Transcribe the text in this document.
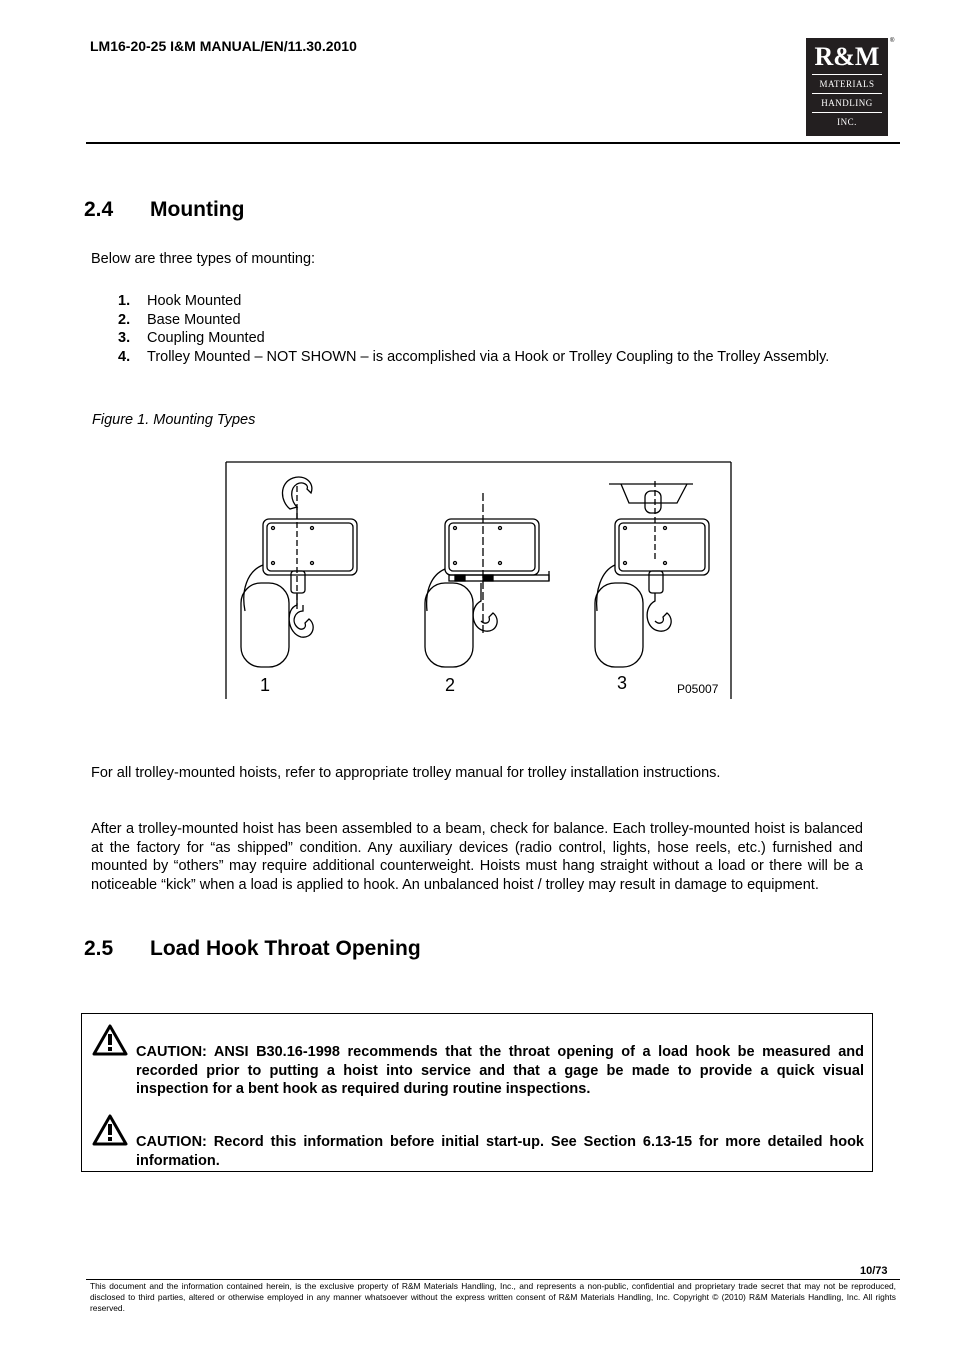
LM16-20-25 I&M MANUAL/EN/11.30.2010	R&M
MATERIALS
HANDLING
INC.
®
2.4 Mounting
Below are three types of mounting:
1. Hook Mounted
2. Base Mounted
3. Coupling Mounted
4. Trolley Mounted – NOT SHOWN – is accomplished via a Hook or Trolley Coupling to the Trolley Assembly.
Figure 1. Mounting Types
1	2	3	P05007
For all trolley-mounted hoists, refer to appropriate trolley manual for trolley installation instructions.
After a trolley-mounted hoist has been assembled to a beam, check for balance. Each trolley-mounted hoist is balanced at the factory for “as shipped” condition. Any auxiliary devices (radio control, lights, hose reels, etc.) furnished and mounted by “others” may require additional counterweight. Hoists must hang straight without a load or there will be a noticeable “kick” when a load is applied to hook. An unbalanced hoist / trolley may result in damage to equipment.
2.5 Load Hook Throat Opening
CAUTION: ANSI B30.16-1998 recommends that the throat opening of a load hook be measured and recorded prior to putting a hoist into service and that a gage be made to provide a quick visual inspection for a bent hook as required during routine inspections.
CAUTION: Record this information before initial start-up. See Section 6.13-15 for more detailed hook information.
10/73
This document and the information contained herein, is the exclusive property of R&M Materials Handling, Inc., and represents a non-public, confidential and proprietary trade secret that may not be reproduced, disclosed to third parties, altered or otherwise employed in any manner whatsoever without the express written consent of R&M Materials Handling, Inc. Copyright © (2010) R&M Materials Handling, Inc. All rights reserved.
